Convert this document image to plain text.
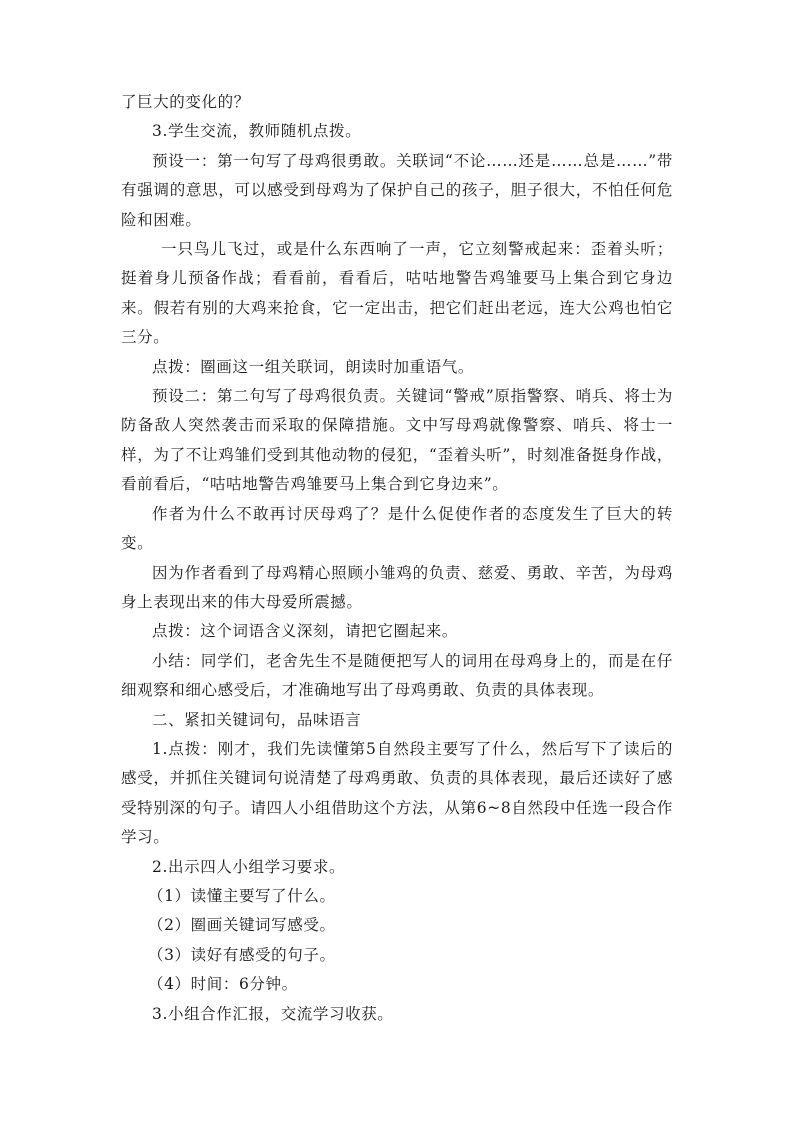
了巨大的变化的？

3.学生交流，教师随机点拨。

预设一：第一句写了母鸡很勇敢。关联词“不论……还是……总是……”带有强调的意思，可以感受到母鸡为了保护自己的孩子，胆子很大，不怕任何危险和困难。

一只鸟儿飞过，或是什么东西响了一声，它立刻警戒起来：歪着头听；挺着身儿预备作战；看看前，看看后，咕咕地警告鸡雏要马上集合到它身边来。假若有别的大鸡来抢食，它一定出击，把它们赶出老远，连大公鸡也怕它三分。

点拨：圈画这一组关联词，朗读时加重语气。

预设二：第二句写了母鸡很负责。关键词“警戒”原指警察、哨兵、将士为防备敌人突然袭击而采取的保障措施。文中写母鸡就像警察、哨兵、将士一样，为了不让鸡雏们受到其他动物的侵犯，“歪着头听”，时刻准备挺身作战，看前看后，“咕咕地警告鸡雏要马上集合到它身边来”。

作者为什么不敢再讨厌母鸡了？是什么促使作者的态度发生了巨大的转变。

因为作者看到了母鸡精心照顾小雏鸡的负责、慈爱、勇敢、辛苦，为母鸡身上表现出来的伟大母爱所震撼。

点拨：这个词语含义深刻，请把它圈起来。

小结：同学们，老舍先生不是随便把写人的词用在母鸡身上的，而是在仔细观察和细心感受后，才准确地写出了母鸡勇敢、负责的具体表现。

二、紧扣关键词句，品味语言

1.点拨：刚才，我们先读懂第5自然段主要写了什么，然后写下了读后的感受，并抓住关键词句说清楚了母鸡勇敢、负责的具体表现，最后还读好了感受特别深的句子。请四人小组借助这个方法，从第6~8自然段中任选一段合作学习。

2.出示四人小组学习要求。

（1）读懂主要写了什么。

（2）圈画关键词写感受。

（3）读好有感受的句子。

（4）时间：6分钟。

3.小组合作汇报，交流学习收获。
